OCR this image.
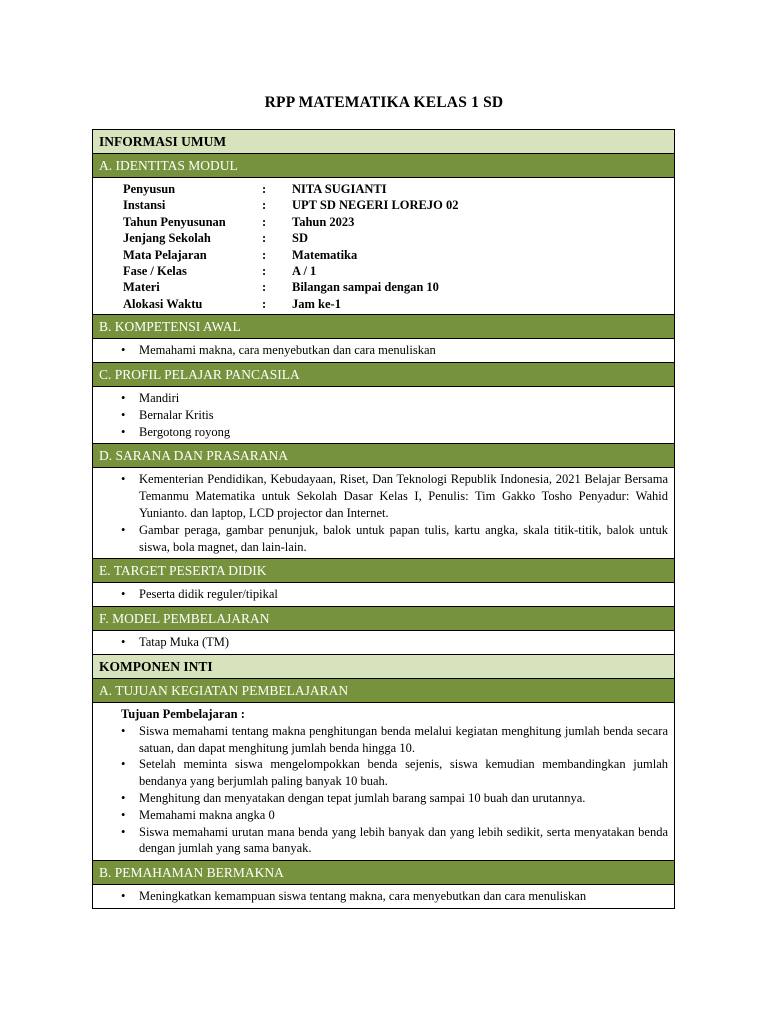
RPP MATEMATIKA KELAS 1 SD
INFORMASI UMUM
A. IDENTITAS MODUL
Penyusun	:	NITA SUGIANTI
Instansi	:	UPT SD NEGERI LOREJO 02
Tahun Penyusunan	:	Tahun 2023
Jenjang Sekolah	:	SD
Mata Pelajaran	:	Matematika
Fase / Kelas	:	A / 1
Materi	:	Bilangan sampai dengan 10
Alokasi Waktu	:	Jam ke-1
B. KOMPETENSI AWAL
• Memahami makna, cara menyebutkan dan cara menuliskan
C. PROFIL PELAJAR PANCASILA
• Mandiri
• Bernalar Kritis
• Bergotong royong
D. SARANA DAN PRASARANA
• Kementerian Pendidikan, Kebudayaan, Riset, Dan Teknologi Republik Indonesia, 2021 Belajar Bersama Temanmu Matematika untuk Sekolah Dasar Kelas I, Penulis: Tim Gakko Tosho Penyadur: Wahid Yunianto. dan laptop, LCD projector dan Internet.
• Gambar peraga, gambar penunjuk, balok untuk papan tulis, kartu angka, skala titik-titik, balok untuk siswa, bola magnet, dan lain-lain.
E. TARGET PESERTA DIDIK
• Peserta didik reguler/tipikal
F. MODEL PEMBELAJARAN
• Tatap Muka (TM)
KOMPONEN INTI
A. TUJUAN KEGIATAN PEMBELAJARAN
Tujuan Pembelajaran :
• Siswa memahami tentang makna penghitungan benda melalui kegiatan menghitung jumlah benda secara satuan, dan dapat menghitung jumlah benda hingga 10.
• Setelah meminta siswa mengelompokkan benda sejenis, siswa kemudian membandingkan jumlah bendanya yang berjumlah paling banyak 10 buah.
• Menghitung dan menyatakan dengan tepat jumlah barang sampai 10 buah dan urutannya.
• Memahami makna angka 0
• Siswa memahami urutan mana benda yang lebih banyak dan yang lebih sedikit, serta menyatakan benda dengan jumlah yang sama banyak.
B. PEMAHAMAN BERMAKNA
• Meningkatkan kemampuan siswa tentang makna, cara menyebutkan dan cara menuliskan
